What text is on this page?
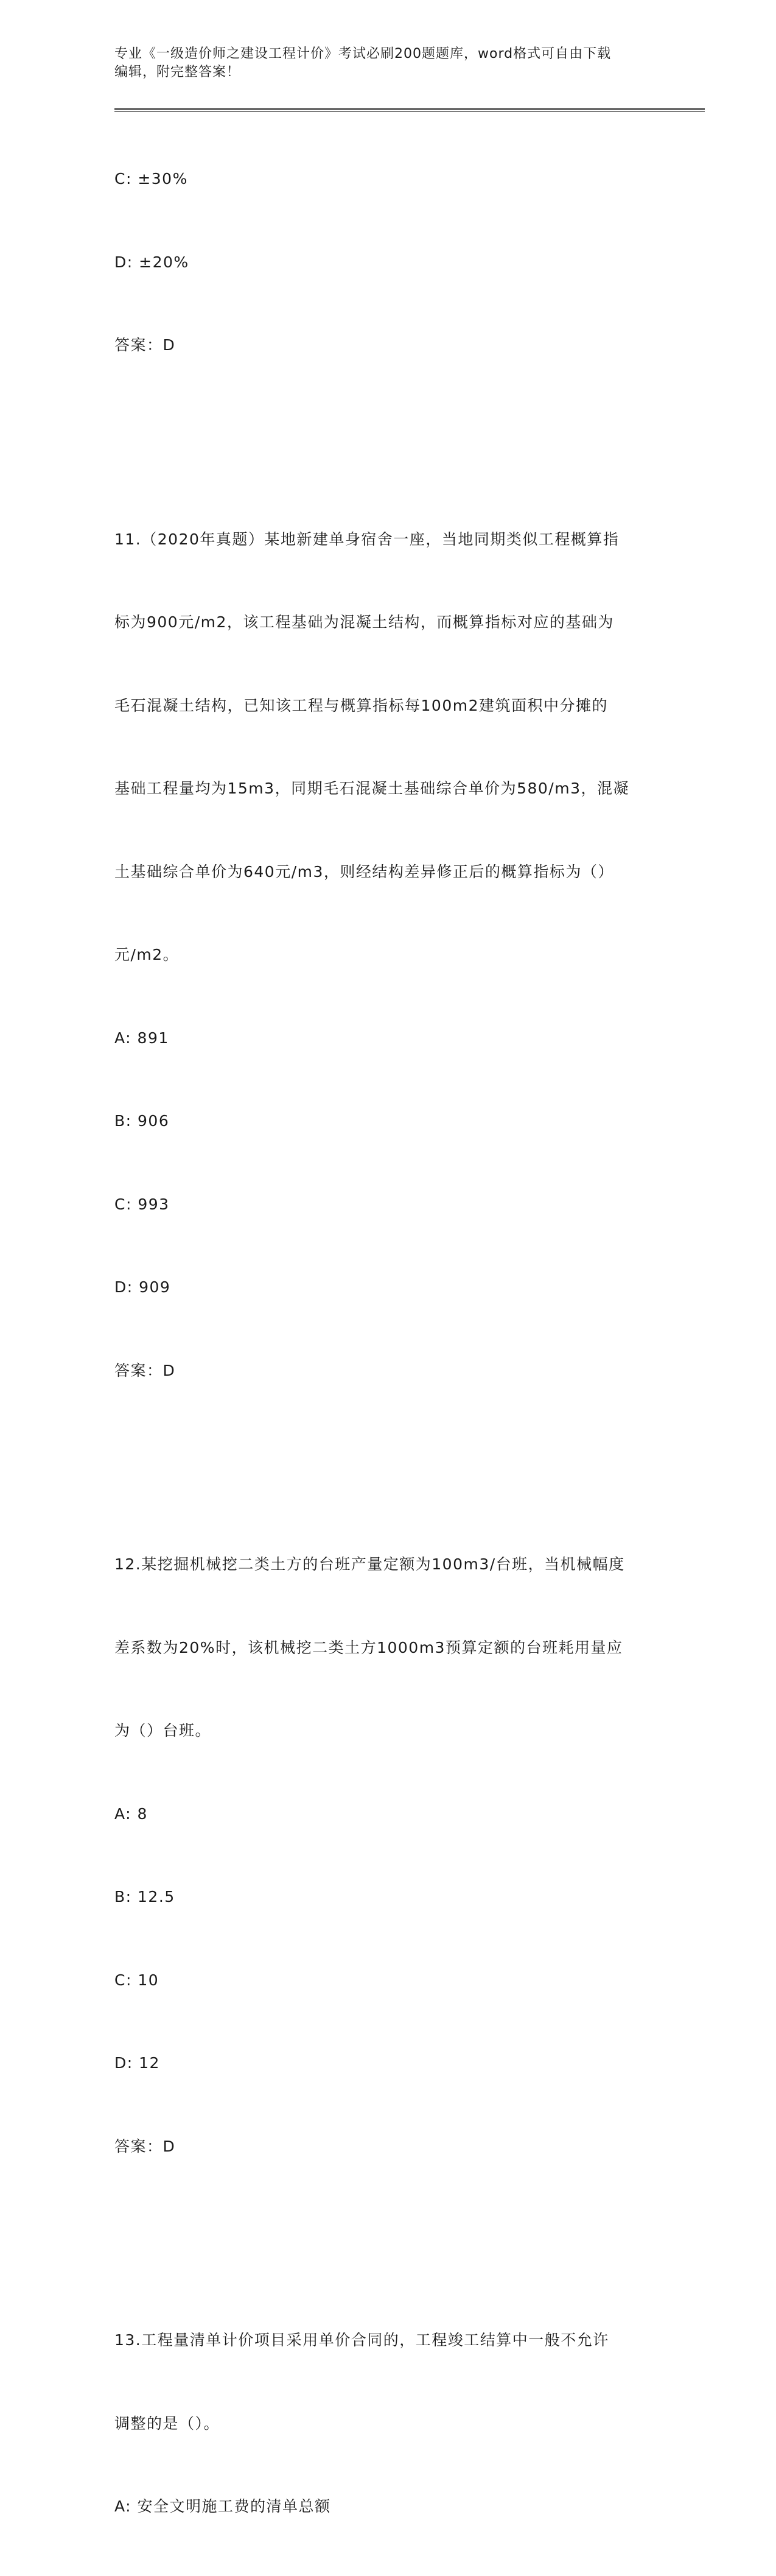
专业《一级造价师之建设工程计价》考试必刷200题题库，word格式可自由下载
编辑，附完整答案！

C: ±30%

D: ±20%

答案：D

11.（2020年真题）某地新建单身宿舍一座，当地同期类似工程概算指

标为900元/m2，该工程基础为混凝土结构，而概算指标对应的基础为

毛石混凝土结构，已知该工程与概算指标每100m2建筑面积中分摊的

基础工程量均为15m3，同期毛石混凝土基础综合单价为580/m3，混凝

土基础综合单价为640元/m3，则经结构差异修正后的概算指标为（）

元/m2。

A: 891

B: 906

C: 993

D: 909

答案：D

12.某挖掘机械挖二类土方的台班产量定额为100m3/台班，当机械幅度

差系数为20%时，该机械挖二类土方1000m3预算定额的台班耗用量应

为（）台班。

A: 8

B: 12.5

C: 10

D: 12

答案：D

13.工程量清单计价项目采用单价合同的，工程竣工结算中一般不允许

调整的是（）。

A: 安全文明施工费的清单总额
